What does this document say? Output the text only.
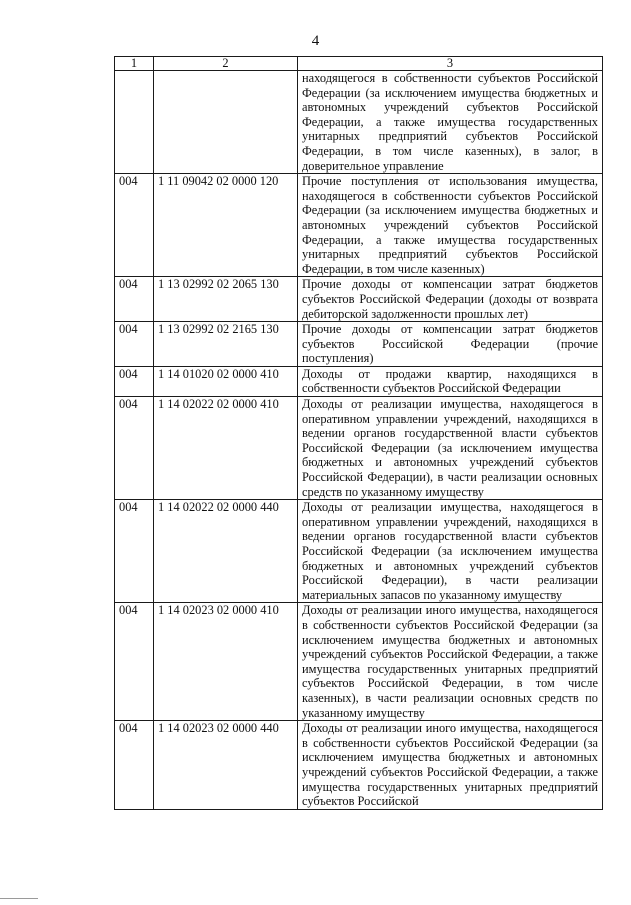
4
1	2	3
		находящегося в собственности субъектов Российской Федерации (за исключением имущества бюджетных и автономных учреждений субъектов Российской Федерации, а также имущества государственных унитарных предприятий субъектов Российской Федерации, в том числе казенных), в залог, в доверительное управление
004	1 11 09042 02 0000 120	Прочие поступления от использования имущества, находящегося в собственности субъектов Российской Федерации (за исключением имущества бюджетных и автономных учреждений субъектов Российской Федерации, а также имущества государственных унитарных предприятий субъектов Российской Федерации, в том числе казенных)
004	1 13 02992 02 2065 130	Прочие доходы от компенсации затрат бюджетов субъектов Российской Федерации (доходы от возврата дебиторской задолженности прошлых лет)
004	1 13 02992 02 2165 130	Прочие доходы от компенсации затрат бюджетов субъектов Российской Федерации (прочие поступления)
004	1 14 01020 02 0000 410	Доходы от продажи квартир, находящихся в собственности субъектов Российской Федерации
004	1 14 02022 02 0000 410	Доходы от реализации имущества, находящегося в оперативном управлении учреждений, находящихся в ведении органов государственной власти субъектов Российской Федерации (за исключением имущества бюджетных и автономных учреждений субъектов Российской Федерации), в части реализации основных средств по указанному имуществу
004	1 14 02022 02 0000 440	Доходы от реализации имущества, находящегося в оперативном управлении учреждений, находящихся в ведении органов государственной власти субъектов Российской Федерации (за исключением имущества бюджетных и автономных учреждений субъектов Российской Федерации), в части реализации материальных запасов по указанному имуществу
004	1 14 02023 02 0000 410	Доходы от реализации иного имущества, находящегося в собственности субъектов Российской Федерации (за исключением имущества бюджетных и автономных учреждений субъектов Российской Федерации, а также имущества государственных унитарных предприятий субъектов Российской Федерации, в том числе казенных), в части реализации основных средств по указанному имуществу
004	1 14 02023 02 0000 440	Доходы от реализации иного имущества, находящегося в собственности субъектов Российской Федерации (за исключением имущества бюджетных и автономных учреждений субъектов Российской Федерации, а также имущества государственных унитарных предприятий субъектов Российской
